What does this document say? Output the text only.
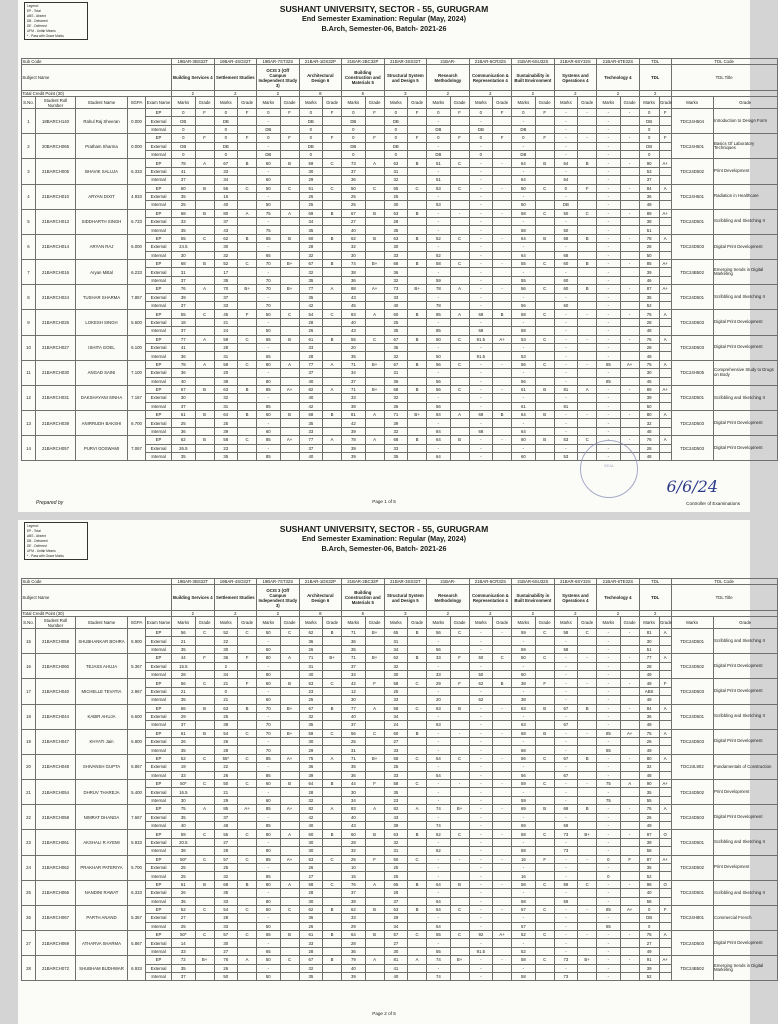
Legend:
EP - Total
ABS - Absent
DB - Debarred
DE - Deferred
UFM - Unfair Means
* - Pass with Grace Marks
SUSHANT UNIVERSITY, SECTOR - 55, GURUGRAM
End Semester Examination: Regular (May, 2024)
B.Arch, Semester-06, Batch- 2021-26
Sub Code					19BAR-3BS32T		19BAR-4SO32T		19BAR-7ST32S		21BAR-1DS32P		21BAR-2BC32P		21BAR-3SS32T		21BAR-		21BAR-6CR32S		21BAR-6SU32S		21BAR-6SY32S		21BAR-6TE32S		TDL		TDL Code	
Subject Name					Building Services 4		Settlement Studies		OCIS 3 (Off Campus Independent Study 3)		Architectural Design 6		Building Construction and Materials 5		Structural System and Design 5		Research Methodology		Communication & Representation 4		Sustainability in Built Environment		Systems and Operations 4		Technology 4		TDL		TDL Title	
Total Credit Point (30)					2		2		2		8		5		3		2		2		2		2		2		2			
S.No.	Student Roll Number	Student Name	SGPA	Exam Name	Marks	Grade	Marks	Grade	Marks	Grade	Marks	Grade	Marks	Grade	Marks	Grade	Marks	Grade	Marks	Grade	Marks	Grade	Marks	Grade	Marks	Grade	Marks	Grade	Marks	Grade
1	18BARCH140	Rahul Raj Sheeran	0.000	EP	0	F	0	F	0	F	0	F	0	F	0	F	0	F	0	F	0	F	-	-	-	-	0	F	TDC24H504	Introduction to Design Form
				External	DB		DB		-		DB		DB		DB		-		-		-		-		-		DB			
				Internal	0		0		DB		0		0		0		DB		DB		DB		-		-		0			
2	20BARCH065	Pratham Sharma	0.000	EP	0	F	0	F	0	F	0	F	0	F	0	F	0	F	0	F	0	F	-	-	-	-	0	F	TDC24H501	Basics Of Laboratory Techniques
				External	DB		DB		-		DB		DB		DB		-		-		-		-		-		DB			
				Internal	0		0		DB		0		0		0		DB		0		DB		-		-		0			
3	21BARCH005	BHAVIK SALUJA	6.333	EP	78	A	67	B	60	B	59	C	73	A	63	B	51	C	-	-	64	B	64	B	-	-	90	A+	TDC24D502	Print Development
				External	41		33		-		30		37		31		-		-		-		-		-		53			
				Internal	37		34		60		29		36		32		51		-		64		64		-		37			
4	21BARCH010	ARYAN DIXIT	4.933	EP	60	B	56	C	50	C	51	C	50	C	55	C	53	C	-	-	50	C	0	F	-	-	84	A	TDC24H501	Radiation in Healthcare
				External	35		16		-		26		25		25		-		-		-		-		-		36			
				Internal	25		40		50		25		25		30		53		-		50		DB		-		48			
5	21BARCH013	SIDDHARTH SINGH	6.733	EP	68	B	80	A	75	A	69	B	67	B	63	B	-	-	-	-	58	C	50	C	-	-	89	A+	TDC24D501	Scribbling and Sketching II
				External	33		37		-		34		27		28		-		-		-		-		-		38			
				Internal	35		43		75		35		40		35		-		-		58		50		-		51			
6	21BARCH014	ARYAN RAJ	6.000	EP	55	C	62	B	65	B	60	B	62	B	63	B	52	C	-	-	64	B	68	B	-	-	78	A	TDC24D503	Digital Print Development
				External	24.5		30		-		28		32		30		-		-		-		-		-		28			
				Internal	30		32		65		32		30		33		52		-		64		68		-		50			
7	21BARCH016	Aryan Mittal	6.233	EP	68	B	52	C	70	B+	67	B	74	B+	68	B	58	C	-	-	55	C	60	B	-	-	85	A+	TDC24B502	Emerging trends in Digital Marketing
				External	31		17		-		32		38		36		-		-		-		-		-		39			
				Internal	37		35		70		35		36		32		59		-		55		60		-		46			
8	21BARCH024	TUSHAR SHARMA	7.867	EP	76	A	70	B+	70	B+	77	A	88	A+	73	B+	78	A	-	-	56	C	60	B	-	-	87	A+	TDC24D501	Scribbling and Sketching II
				External	39		37		-		35		43		33		-		-		-		-		-		35			
				Internal	37		33		70		42		45		40		78		-		56		60		-		52			
9	21BARCH026	LOKESH SINGH	5.600	EP	55	C	45	F	50	C	54	C	83	A	60	B	85	A	68	B	58	C	-	-	-	-	76	A	TDC24D503	Digital Print Development
				External	18		21		-		28		40		25		-		-		-		-		-		28			
				Internal	37		24		50		26		43		35		85		68		58		-		-		48			
10	21BARCH027	ISHITA GOEL	6.100	EP	77	A	59	C	65	B	61	B	55	C	67	B	50	C	91.5	A+	53	C	-	-	-	-	76	A	TDC24D503	Digital Print Development
				External	41		28		-		33		20		35		-		-		-		-		-		28			
				Internal	36		31		65		28		35		32		50		91.5		53		-		-		48			
11	21BARCH030	ANGAD SAINI	7.100	EP	78	A	58	C	80	A	77	A	71	B+	67	B	56	C	-	-	56	C	-	-	85	A+	75	A	TDC24H505	Comprehensive Study to Drugs on Body
				External	36		20		-		37		34		31		-		-		-		-		-		30			
				Internal	40		38		80		40		37		36		56		-		56		-		85		45			
12	21BARCH031	DAKSHAYANI SINHA	7.167	EP	67	B	63	B	85	A+	82	A	71	B+	68	B	56	C	-	-	61	B	81	A	-	-	89	A+	TDC24D501	Scribbling and Sketching II
				External	30		32		-		40		33		32		-		-		-		-		-		39			
				Internal	37		31		85		42		38		36		56		-		61		81		-		50			
13	21BARCH039	ANIRRUDH BAKSHI	6.700	EP	61	B	64	B	60	B	68	B	81	A	71	B+	84	A	68	B	64	B	-	-	-	-	80	A	TDC24D503	Digital Print Development
				External	25		25		-		35		42		39		-		-		-		-		-		32			
				Internal	36		39		60		33		39		32		84		68		64		-		-		48			
14	21BARCH057	PURVI GOSWAMI	7.067	EP	62	B	58	C	85	A+	77	A	78	A	68	B	64	B	-	-	60	B	53	C	-	-	76	A	TDC24D503	Digital Print Development
				External	26.5		23		-		37		39		33		-		-		-		-		-		28			
				Internal	35		35		85		40		39		35		64		-		60		53		-		48			
Prepared by	Page 1 of 5
SEAL
6/6/24
Controller of Examinations
Legend:
EP - Total
ABS - Absent
DB - Debarred
DE - Deferred
UFM - Unfair Means
* - Pass with Grace Marks
SUSHANT UNIVERSITY, SECTOR - 55, GURUGRAM
End Semester Examination: Regular (May, 2024)
B.Arch, Semester-06, Batch- 2021-26
Sub Code					19BAR-3BS32T		19BAR-4SO32T		19BAR-7ST32S		21BAR-1DS32P		21BAR-2BC32P		21BAR-3SS32T		21BAR-		21BAR-6CR32S		21BAR-6SU32S		21BAR-6SY32S		21BAR-6TE32S		TDL		TDL Code	
Subject Name					Building Services 4		Settlement Studies		OCIS 3 (Off Campus Independent Study 3)		Architectural Design 6		Building Construction and Materials 5		Structural System and Design 5		Research Methodology		Communication & Representation 4		Sustainability in Built Environment		Systems and Operations 4		Technology 4		TDL		TDL Title	
Total Credit Point (30)					2		2		2		8		5		3		2		2		2		2		2		2			
S.No.	Student Roll Number	Student Name	SGPA	Exam Name	Marks	Grade	Marks	Grade	Marks	Grade	Marks	Grade	Marks	Grade	Marks	Grade	Marks	Grade	Marks	Grade	Marks	Grade	Marks	Grade	Marks	Grade	Marks	Grade	Marks	Grade
15	21BARCH058	SHUBHANKAR BOHRA	5.900	EP	56	C	52	C	50	C	62	B	71	B+	65	B	56	C	-	-	59	C	58	C	-	-	81	A	TDC24D501	Scribbling and Sketching II
				External	21		22		-		36		36		31		-		-		-		-		-		30			
				Internal	35		30		50		26		35		34		56		-		59		58		-		51			
16	21BARCH060	TEJASS AHUJA	5.367	EP	44	F	36	F	80	A	71	B+	71	B+	62	B	33	F	50	C	50	C	-	-	-	-	77	A	TDC24D502	Digital Print Development
				External	15.5		2		-		31		37		32		-		-		-		-		-		28			
				Internal	28		34		80		40		34		30		33		50		50		-		-		49			
17	21BARCH040	MICHELLE TEVATIA	2.967	EP	56	C	21	F	60	B	53	C	42	F	58	C	29	F	62	B	38	F	-	-	-	-	48	F	TDC24D503	Digital Print Development
				External	21		0		-		23		12		25		-		-		-		-		-		ABS			
				Internal	35		21		60		25		30		33		20		62		38		-		-		48			
18	21BARCH044	KABIR AHUJA	6.600	EP	66	B	63	B	70	B+	67	B	77	A	58	C	63	B	-	-	63	B	67	B	-	-	84	A	TDC24D501	Scribbling and Sketching II
				External	29		25		-		32		40		34		-		-		-		-		-		36			
				Internal	37		38		70		35		37		24		63		-		63		67		-		48			
19	21BARCH047	KHYATI Jain	5.800	EP	61	B	54	C	70	B+	59	C	56	C	60	B	-	-	-	-	68	B	-	-	85	A+	75	A	TDC24D503	Digital Print Development
				External	26		26		-		30		25		27		-		-		-		-		-		26			
				Internal	35		28		70		29		31		33		-		-		68		-		85		49			
20	21BARCH048	SHIVANSH GUPTA	6.867	EP	52	C	55*	C	85	A+	75	A	71	B+	58	C	54	C	-	-	56	C	67	B	-	-	80	A	TDC24L902	Fundamentals of Construction
				External	19		22		-		36		35		25		-		-		-		-		-		32			
				Internal	33		26		85		39		36		33		54		-		56		67		-		48			
21	21BARCH054	DHRUV THAREJA	5.400	EP	50*	C	50	C	60	B	64	B	44	F	58	C	-	-	-	-	59	C	-	-	75	A	90	A+	TDC24D502	Print Development
				External	16.5		21		-		28		30		35		-		-		-		-		-		35			
				Internal	30		29		60		32		34		23		-		-		59		-		75		55			
22	21BARCH058	NIMRAT DHANDA	7.667	EP	75	A	85	A+	85	A+	82	A	83	A	82	A	74	B+	-	-	69	B	69	B	-	-	75	A	TDC24D503	Digital Print Development
				External	35		37		-		42		40		43		-		-		-		-		-		26			
				Internal	40		48		85		40		43		39		74		-		69		69		-		49			
23	21BARCH061	AKSHALI R AYEMI	5.933	EP	59	C	55	C	80	A	60	B	60	B	63	B	52	C	-	-	58	C	73	B+	-	-	97	O	TDC24D501	Scribbling and Sketching II
				External	20.5		27		-		30		28		32		-		-		-		-		-		39			
				Internal	38		28		80		30		32		31		52		-		58		73		-		58			
24	21BARCH062	PRAKHAR PATERIYA	5.700	EP	50*	C	57	C	85	A+	53	C	25	F	50	C	-	-	-	-	16	F	-	-	0	F	87	A+	TDC24D502	Print Development
				External	25		25		-		26		10		25		-		-		-		-		-		35			
				Internal	25		32		85		27		15		25		-		-		16		-		0		52			
25	21BARCH066	NANDINI RAWAT	6.333	EP	61	B	68	B	80	A	58	C	76	A	65	B	64	B	-	-	58	C	59	C	-	-	98	O	TDC24D501	Scribbling and Sketching II
				External	26		35		-		28		37		28		-		-		-		-		-		40			
				Internal	35		33		80		30		39		37		64		-		58		59		-		58			
26	21BARCH067	PARTH ANAND	5.367	EP	52	C	54	C	50	C	62	B	62	B	63	B	54	C	-	-	57	C	-	-	85	A+	0	F	TDC24H801	Commercial French
				External	27		28		-		36		33		29		-		-		-		-		-		DB			
				Internal	25		33		50		26		29		34		54		-		57		-		85		0			
27	21BARCH069	ATHARVA SHARMA	5.867	EP	50*	C	57	C	65	B	61	B	64	B	57	C	55	C	92	A+	52	C	-	-	-	-	76	A	TDC24D503	Digital Print Development
				External	14		30		-		33		28		27		-		-		-		-		-		27			
				Internal	33		27		65		28		36		30		55		91.5		52		-		-		49			
28	21BARCH072	SHUBHAM BUDHWAR	6.933	EP	72	B+	76	A	50	C	67	B	79	A	81	A	74	B+	-	-	58	C	73	B+	-	-	91	A+	TDC24B502	Emerging trends in Digital Marketing
				External	35		26		-		32		40		41		-		-		-		-		-		39			
				Internal	37		50		50		35		39		40		74		-		58		73		-		52			
Page 2 of 5
